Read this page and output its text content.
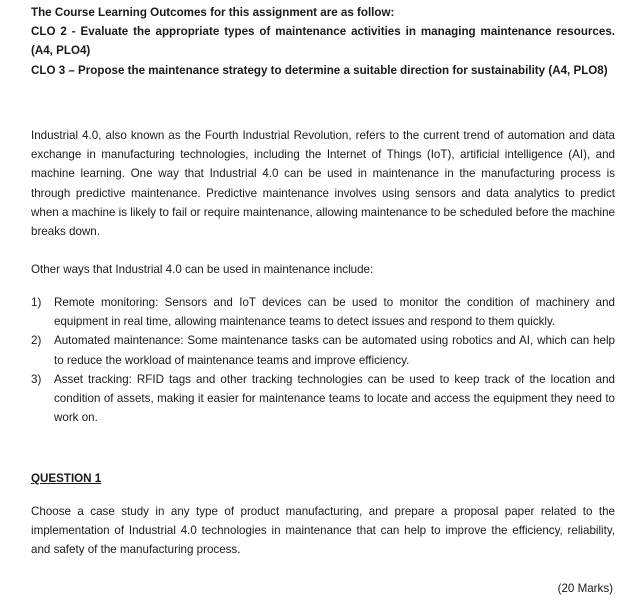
The Course Learning Outcomes for this assignment are as follow:

CLO 2 - Evaluate the appropriate types of maintenance activities in managing maintenance resources. (A4, PLO4)

CLO 3 – Propose the maintenance strategy to determine a suitable direction for sustainability (A4, PLO8)

Industrial 4.0, also known as the Fourth Industrial Revolution, refers to the current trend of automation and data exchange in manufacturing technologies, including the Internet of Things (IoT), artificial intelligence (AI), and machine learning. One way that Industrial 4.0 can be used in maintenance in the manufacturing process is through predictive maintenance. Predictive maintenance involves using sensors and data analytics to predict when a machine is likely to fail or require maintenance, allowing maintenance to be scheduled before the machine breaks down.

Other ways that Industrial 4.0 can be used in maintenance include:

1) Remote monitoring: Sensors and IoT devices can be used to monitor the condition of machinery and equipment in real time, allowing maintenance teams to detect issues and respond to them quickly.
2) Automated maintenance: Some maintenance tasks can be automated using robotics and AI, which can help to reduce the workload of maintenance teams and improve efficiency.
3) Asset tracking: RFID tags and other tracking technologies can be used to keep track of the location and condition of assets, making it easier for maintenance teams to locate and access the equipment they need to work on.

QUESTION 1

Choose a case study in any type of product manufacturing, and prepare a proposal paper related to the implementation of Industrial 4.0 technologies in maintenance that can help to improve the efficiency, reliability, and safety of the manufacturing process.

(20 Marks)
